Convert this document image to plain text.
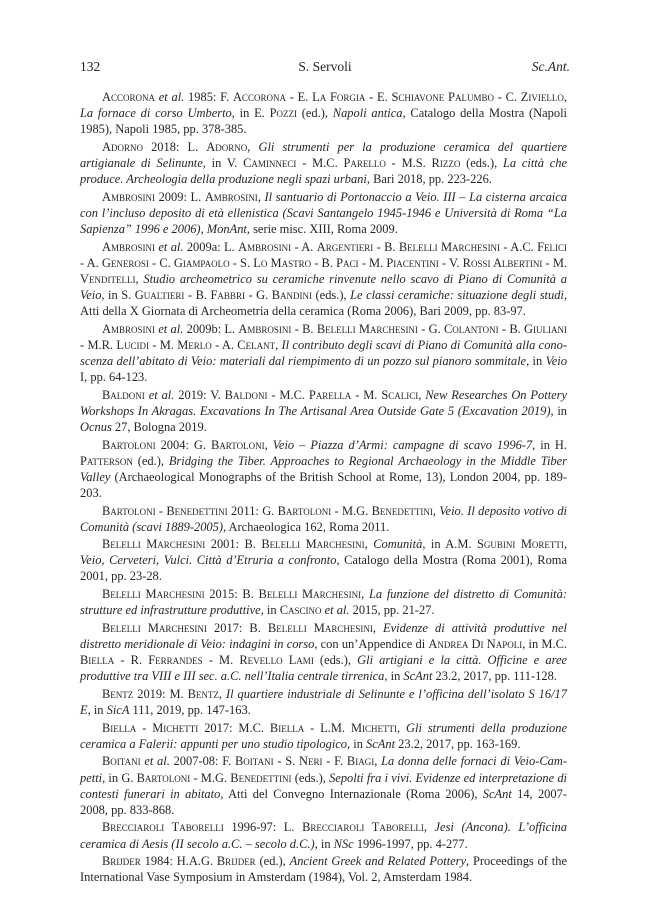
132	S. Servoli	Sc.Ant.

Accorona et al. 1985: F. Accorona - E. La Forgia - E. Schiavone Palumbo - C. Ziviello, La fornace di corso Umberto, in E. Pozzi (ed.), Napoli antica, Catalogo della Mostra (Napoli 1985), Napoli 1985, pp. 378-385.

Adorno 2018: L. Adorno, Gli strumenti per la produzione ceramica del quartiere artigianale di Selinunte, in V. Caminneci - M.C. Parello - M.S. Rizzo (eds.), La città che produce. Archeologia della produzione negli spazi urbani, Bari 2018, pp. 223-226.

Ambrosini 2009: L. Ambrosini, Il santuario di Portonaccio a Veio. III – La cisterna arcaica con l’incluso deposito di età ellenistica (Scavi Santangelo 1945-1946 e Università di Roma “La Sapienza” 1996 e 2006), MonAnt, serie misc. XIII, Roma 2009.

Ambrosini et al. 2009a: L. Ambrosini - A. Argentieri - B. Belelli Marchesini - A.C. Felici - A. Generosi - C. Giampaolo - S. Lo Mastro - B. Paci - M. Piacentini - V. Rossi Albertini - M. Venditelli, Studio archeometrico su ceramiche rinvenute nello scavo di Piano di Comunità a Veio, in S. Gualtieri - B. Fabbri - G. Bandini (eds.), Le classi ceramiche: situazione degli studi, Atti della X Giornata di Archeometria della ceramica (Roma 2006), Bari 2009, pp. 83-97.

Ambrosini et al. 2009b: L. Ambrosini - B. Belelli Marchesini - G. Colantoni - B. Giuliani - M.R. Lucidi - M. Merlo - A. Celant, Il contributo degli scavi di Piano di Comunità alla conoscenza dell’abitato di Veio: materiali dal riempimento di un pozzo sul pianoro sommitale, in Veio I, pp. 64-123.

Baldoni et al. 2019: V. Baldoni - M.C. Parella - M. Scalici, New Researches On Pottery Workshops In Akragas. Excavations In The Artisanal Area Outside Gate 5 (Excavation 2019), in Ocnus 27, Bologna 2019.

Bartoloni 2004: G. Bartoloni, Veio – Piazza d’Armi: campagne di scavo 1996-7, in H. Patterson (ed.), Bridging the Tiber. Approaches to Regional Archaeology in the Middle Tiber Valley (Archaeological Monographs of the British School at Rome, 13), London 2004, pp. 189-203.

Bartoloni - Benedettini 2011: G. Bartoloni - M.G. Benedettini, Veio. Il deposito votivo di Comunità (scavi 1889-2005), Archaeologica 162, Roma 2011.

Belelli Marchesini 2001: B. Belelli Marchesini, Comunità, in A.M. Sgubini Moretti, Veio, Cerveteri, Vulci. Città d’Etruria a confronto, Catalogo della Mostra (Roma 2001), Roma 2001, pp. 23-28.

Belelli Marchesini 2015: B. Belelli Marchesini, La funzione del distretto di Comunità: strutture ed infrastrutture produttive, in Cascino et al. 2015, pp. 21-27.

Belelli Marchesini 2017: B. Belelli Marchesini, Evidenze di attività produttive nel distretto meridionale di Veio: indagini in corso, con un’Appendice di Andrea Di Napoli, in M.C. Biella - R. Ferrandes - M. Revello Lami (eds.), Gli artigiani e la città. Officine e aree produttive tra VIII e III sec. a.C. nell’Italia centrale tirrenica, in ScAnt 23.2, 2017, pp. 111-128.

Bentz 2019: M. Bentz, Il quartiere industriale di Selinunte e l’officina dell’isolato S 16/17 E, in SicA 111, 2019, pp. 147-163.

Biella - Michetti 2017: M.C. Biella - L.M. Michetti, Gli strumenti della produzione ceramica a Falerii: appunti per uno studio tipologico, in ScAnt 23.2, 2017, pp. 163-169.

Boitani et al. 2007-08: F. Boitani - S. Neri - F. Biagi, La donna delle fornaci di Veio-Campetti, in G. Bartoloni - M.G. Benedettini (eds.), Sepolti fra i vivi. Evidenze ed interpretazione di contesti funerari in abitato, Atti del Convegno Internazionale (Roma 2006), ScAnt 14, 2007-2008, pp. 833-868.

Brecciaroli Taborelli 1996-97: L. Brecciaroli Taborelli, Jesi (Ancona). L’officina ceramica di Aesis (II secolo a.C. – secolo d.C.), in NSc 1996-1997, pp. 4-277.

Brijder 1984: H.A.G. Brijder (ed.), Ancient Greek and Related Pottery, Proceedings of the International Vase Symposium in Amsterdam (1984), Vol. 2, Amsterdam 1984.
